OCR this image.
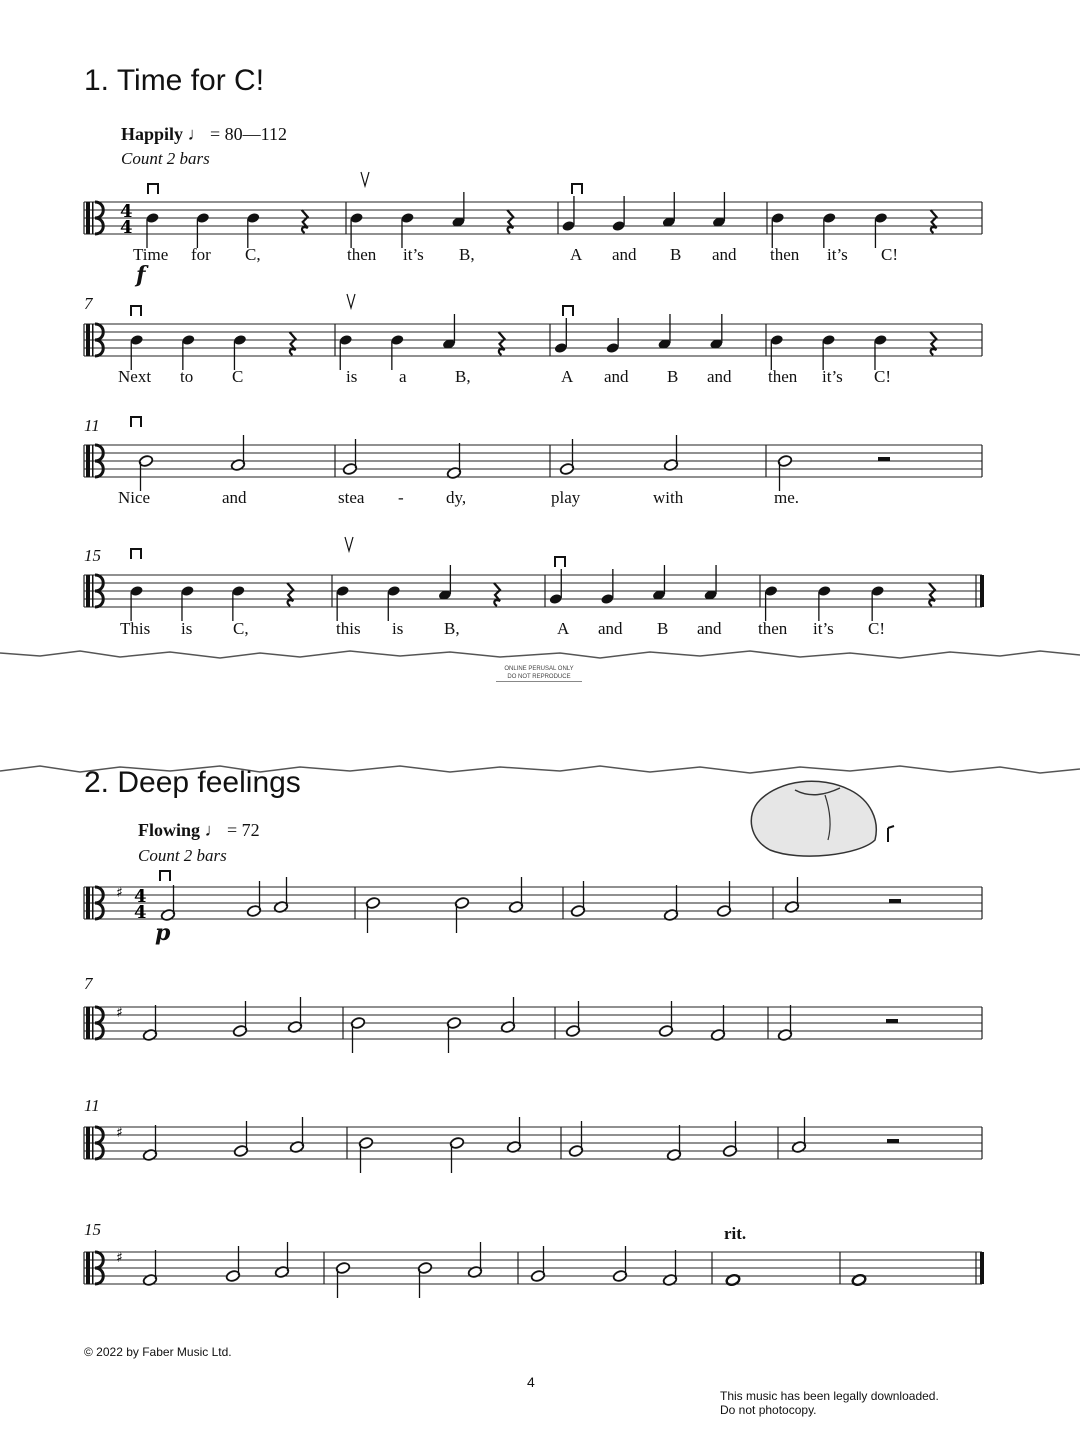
1. Time for C!
Happily ♩ = 80—112
Count 2 bars
f
7
11
15
4
4
Time for C,	then it’s B,	A and B and then it’s C!
Next to C	is a	B,	A and B and then it’s C!
Nice	and	stea - dy,	play	with	me.
This is C,	this is B,	A and B and then it’s C!
ONLINE PERUSAL ONLY
DO NOT REPRODUCE
2. Deep feelings
Flowing ♩ = 72
Count 2 bars
p
7
11
15	rit.
♯ 4
4
♯
♯
♯
© 2022 by Faber Music Ltd.
4
This music has been legally downloaded.
Do not photocopy.
